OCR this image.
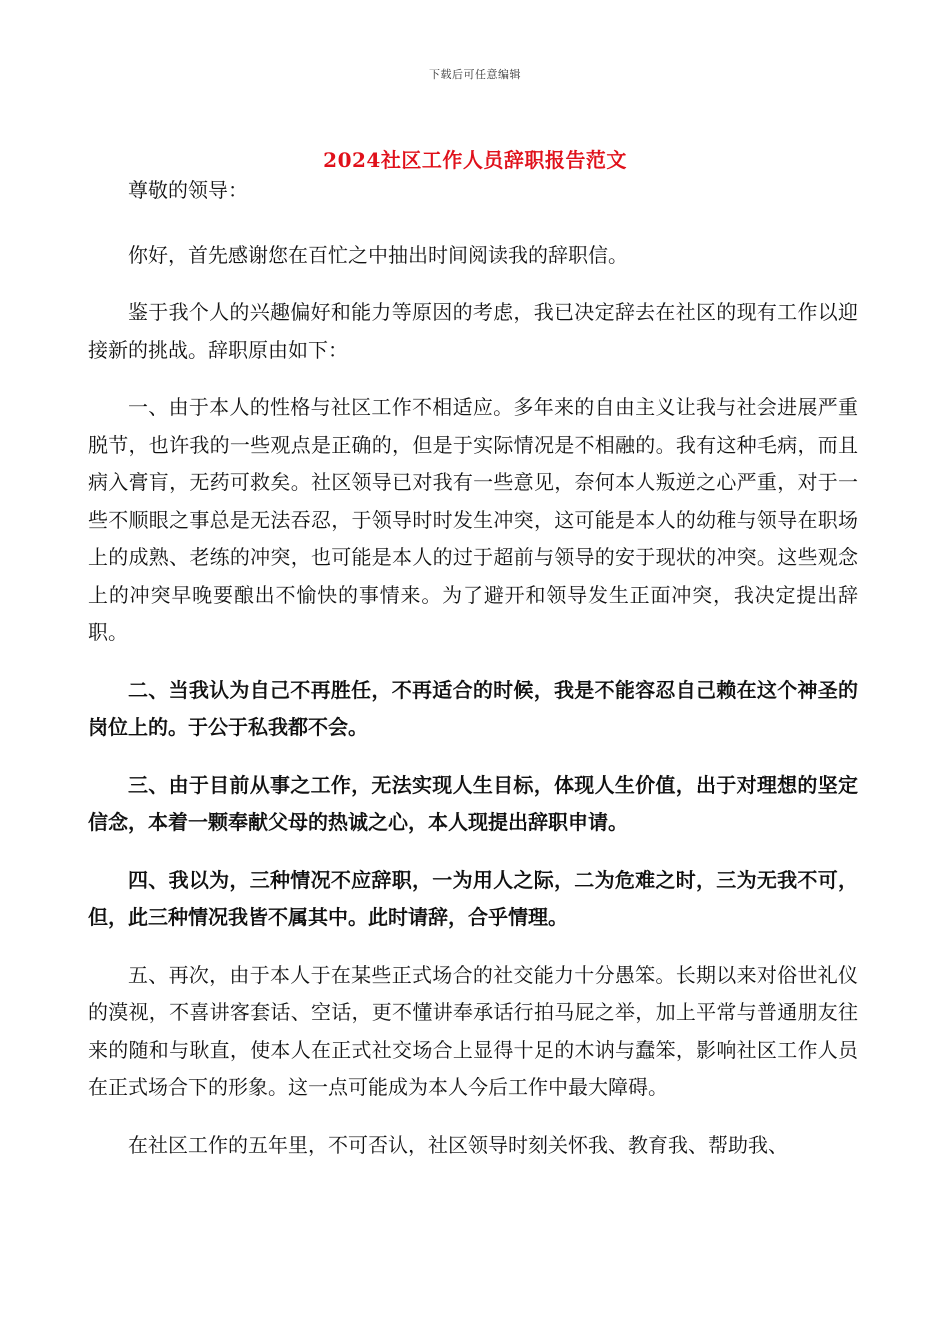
下载后可任意编辑
2024社区工作人员辞职报告范文

尊敬的领导：

你好，首先感谢您在百忙之中抽出时间阅读我的辞职信。

鉴于我个人的兴趣偏好和能力等原因的考虑，我已决定辞去在社区的现有工作以迎接新的挑战。辞职原由如下：

一、由于本人的性格与社区工作不相适应。多年来的自由主义让我与社会进展严重脱节，也许我的一些观点是正确的，但是于实际情况是不相融的。我有这种毛病，而且病入膏肓，无药可救矣。社区领导已对我有一些意见，奈何本人叛逆之心严重，对于一些不顺眼之事总是无法吞忍，于领导时时发生冲突，这可能是本人的幼稚与领导在职场上的成熟、老练的冲突，也可能是本人的过于超前与领导的安于现状的冲突。这些观念上的冲突早晚要酿出不愉快的事情来。为了避开和领导发生正面冲突，我决定提出辞职。

二、当我认为自己不再胜任，不再适合的时候，我是不能容忍自己赖在这个神圣的岗位上的。于公于私我都不会。

三、由于目前从事之工作，无法实现人生目标，体现人生价值，出于对理想的坚定信念，本着一颗奉献父母的热诚之心，本人现提出辞职申请。

四、我以为，三种情况不应辞职，一为用人之际，二为危难之时，三为无我不可，但，此三种情况我皆不属其中。此时请辞，合乎情理。

五、再次，由于本人于在某些正式场合的社交能力十分愚笨。长期以来对俗世礼仪的漠视，不喜讲客套话、空话，更不懂讲奉承话行拍马屁之举，加上平常与普通朋友往来的随和与耿直，使本人在正式社交场合上显得十足的木讷与蠢笨，影响社区工作人员在正式场合下的形象。这一点可能成为本人今后工作中最大障碍。

在社区工作的五年里，不可否认，社区领导时刻关怀我、教育我、帮助我、
